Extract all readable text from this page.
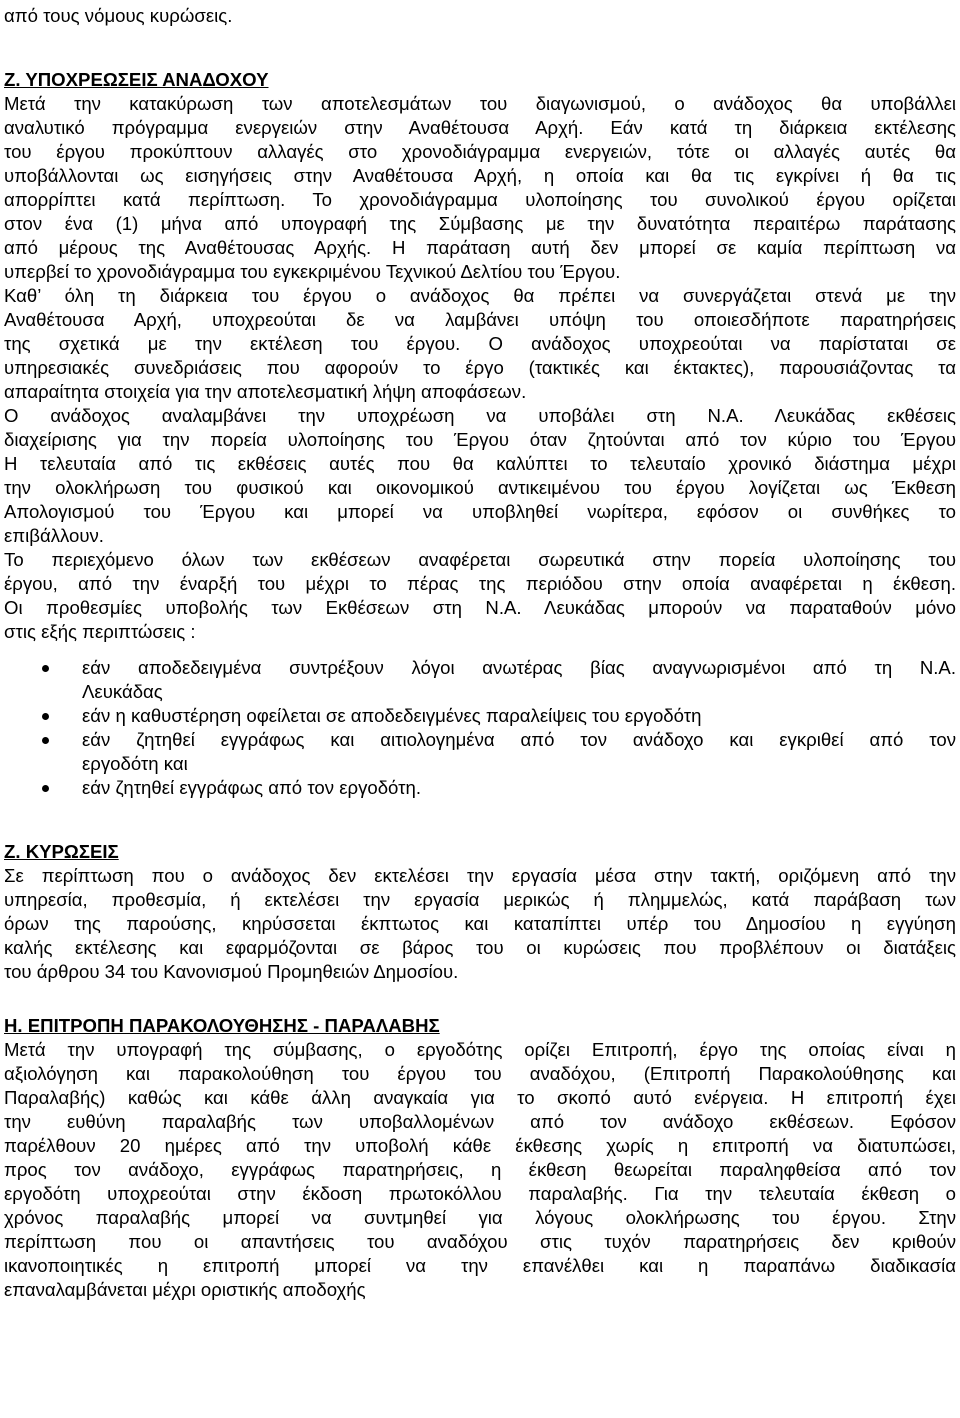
από τους νόμους κυρώσεις.
Ζ. ΥΠΟΧΡΕΩΣΕΙΣ ΑΝΑΔΟΧΟΥ
Μετά την κατακύρωση των αποτελεσμάτων του διαγωνισμού, ο ανάδοχος θα υποβάλλει
αναλυτικό πρόγραμμα ενεργειών στην Αναθέτουσα Αρχή. Εάν κατά τη διάρκεια εκτέλεσης
του έργου προκύπτουν αλλαγές στο χρονοδιάγραμμα ενεργειών, τότε οι αλλαγές αυτές θα
υποβάλλονται ως εισηγήσεις στην Αναθέτουσα Αρχή, η οποία και θα τις εγκρίνει ή θα τις
απορρίπτει κατά περίπτωση. Το χρονοδιάγραμμα υλοποίησης του συνολικού έργου ορίζεται
στον ένα (1) μήνα από υπογραφή της Σύμβασης με την δυνατότητα περαιτέρω παράτασης
από μέρους της Αναθέτουσας Αρχής. Η παράταση αυτή δεν μπορεί σε καμία περίπτωση να
υπερβεί το χρονοδιάγραμμα του εγκεκριμένου Τεχνικού Δελτίου του Έργου.
Καθ’ όλη τη διάρκεια του έργου ο ανάδοχος θα πρέπει να συνεργάζεται στενά με την
Αναθέτουσα Αρχή, υποχρεούται δε να λαμβάνει υπόψη του οποιεσδήποτε παρατηρήσεις
της σχετικά με την εκτέλεση του έργου. Ο ανάδοχος υποχρεούται να παρίσταται σε
υπηρεσιακές συνεδριάσεις που αφορούν το έργο (τακτικές και έκτακτες), παρουσιάζοντας τα
απαραίτητα στοιχεία για την αποτελεσματική λήψη αποφάσεων.
Ο ανάδοχος αναλαμβάνει την υποχρέωση να υποβάλει στη Ν.Α. Λευκάδας εκθέσεις
διαχείρισης για την πορεία υλοποίησης του Έργου όταν ζητούνται από τον κύριο του Έργου
Η τελευταία από τις εκθέσεις αυτές που θα καλύπτει το τελευταίο χρονικό διάστημα μέχρι
την ολοκλήρωση του φυσικού και οικονομικού αντικειμένου του έργου λογίζεται ως Έκθεση
Απολογισμού του Έργου και μπορεί να υποβληθεί νωρίτερα, εφόσον οι συνθήκες το
επιβάλλουν.
Το περιεχόμενο όλων των εκθέσεων αναφέρεται σωρευτικά στην πορεία υλοποίησης του
έργου, από την έναρξή του μέχρι το πέρας της περιόδου στην οποία αναφέρεται η έκθεση.
Οι προθεσμίες υποβολής των Εκθέσεων στη Ν.Α. Λευκάδας μπορούν να παραταθούν μόνο
στις εξής περιπτώσεις :
εάν αποδεδειγμένα συντρέξουν λόγοι ανωτέρας βίας αναγνωρισμένοι από τη Ν.Α.
Λευκάδας
εάν η καθυστέρηση οφείλεται σε αποδεδειγμένες παραλείψεις του εργοδότη
εάν ζητηθεί εγγράφως και αιτιολογημένα από τον ανάδοχο και εγκριθεί από τον
εργοδότη και
εάν ζητηθεί εγγράφως από τον εργοδότη.
Ζ. ΚΥΡΩΣΕΙΣ
Σε περίπτωση που ο ανάδοχος δεν εκτελέσει την εργασία μέσα στην τακτή, οριζόμενη από την
υπηρεσία, προθεσμία, ή εκτελέσει την εργασία μερικώς ή πλημμελώς, κατά παράβαση των
όρων της παρούσης, κηρύσσεται έκπτωτος και καταπίπτει υπέρ του Δημοσίου η εγγύηση
καλής εκτέλεσης και εφαρμόζονται σε βάρος του οι κυρώσεις που προβλέπουν οι διατάξεις
του άρθρου 34 του Κανονισμού Προμηθειών Δημοσίου.
Η. ΕΠΙΤΡΟΠΗ ΠΑΡΑΚΟΛΟΥΘΗΣΗΣ - ΠΑΡΑΛΑΒΗΣ
Μετά την υπογραφή της σύμβασης, ο εργοδότης ορίζει Επιτροπή, έργο της οποίας είναι η
αξιολόγηση και παρακολούθηση του έργου του αναδόχου, (Επιτροπή Παρακολούθησης και
Παραλαβής) καθώς και κάθε άλλη αναγκαία για το σκοπό αυτό ενέργεια. Η επιτροπή έχει
την ευθύνη παραλαβής των υποβαλλομένων από τον ανάδοχο εκθέσεων. Εφόσον
παρέλθουν 20 ημέρες από την υποβολή κάθε έκθεσης χωρίς η επιτροπή να διατυπώσει,
προς τον ανάδοχο, εγγράφως παρατηρήσεις, η έκθεση θεωρείται παραληφθείσα από τον
εργοδότη υποχρεούται στην έκδοση πρωτοκόλλου παραλαβής. Για την τελευταία έκθεση ο
χρόνος παραλαβής μπορεί να συντμηθεί για λόγους ολοκλήρωσης του έργου. Στην
περίπτωση που οι απαντήσεις του αναδόχου στις τυχόν παρατηρήσεις δεν κριθούν
ικανοποιητικές η επιτροπή μπορεί να την επανέλθει και η παραπάνω διαδικασία
επαναλαμβάνεται μέχρι οριστικής αποδοχής
